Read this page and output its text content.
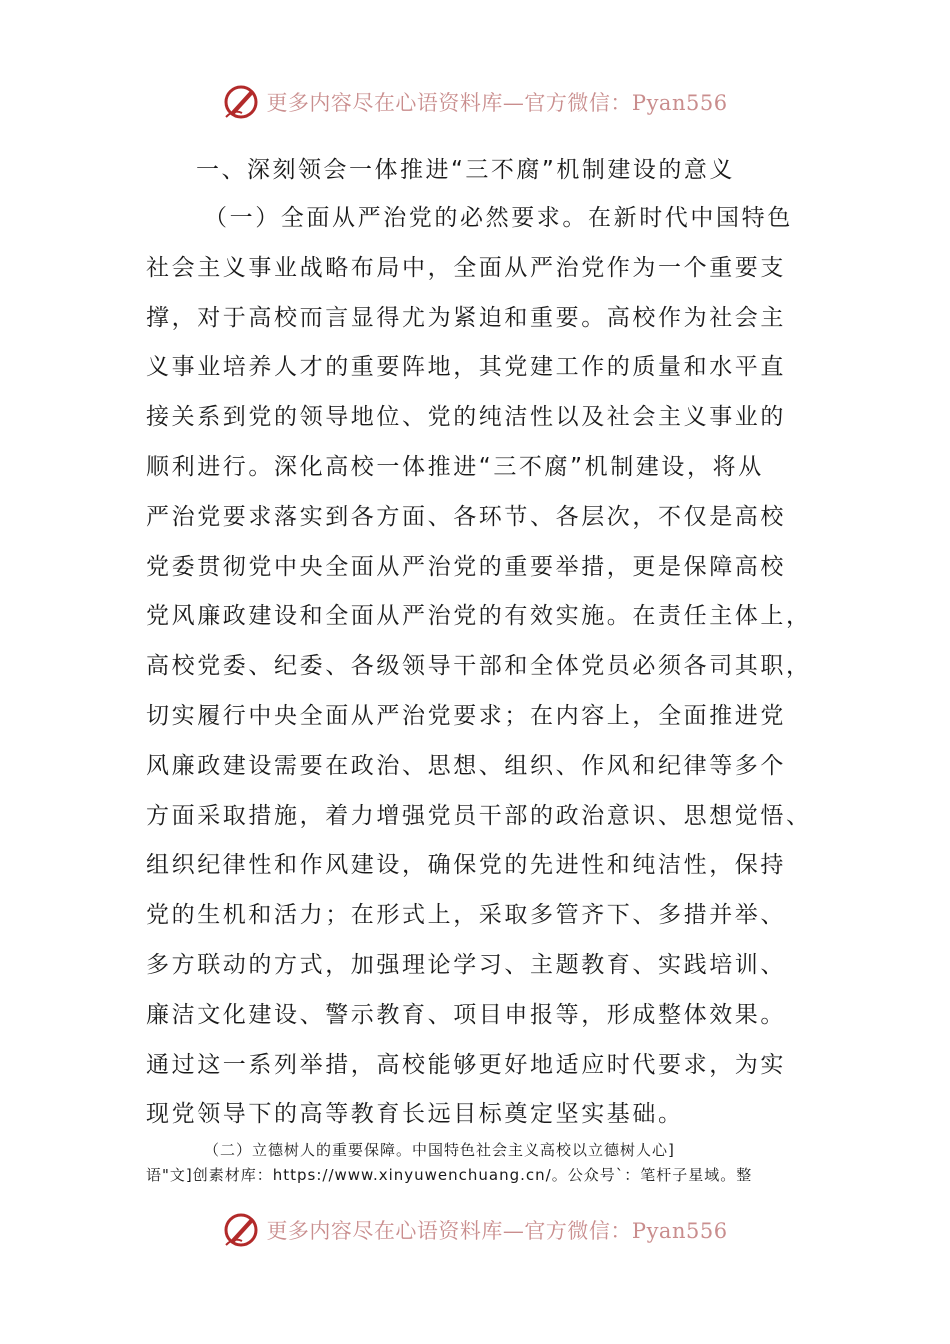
更多内容尽在心语资料库—官方微信：Pyan556
一、深刻领会一体推进“三不腐”机制建设的意义
（一）全面从严治党的必然要求。在新时代中国特色
社会主义事业战略布局中，全面从严治党作为一个重要支
撑，对于高校而言显得尤为紧迫和重要。高校作为社会主
义事业培养人才的重要阵地，其党建工作的质量和水平直
接关系到党的领导地位、党的纯洁性以及社会主义事业的
顺利进行。深化高校一体推进“三不腐”机制建设，将从
严治党要求落实到各方面、各环节、各层次，不仅是高校
党委贯彻党中央全面从严治党的重要举措，更是保障高校
党风廉政建设和全面从严治党的有效实施。在责任主体上，
高校党委、纪委、各级领导干部和全体党员必须各司其职，
切实履行中央全面从严治党要求；在内容上，全面推进党
风廉政建设需要在政治、思想、组织、作风和纪律等多个
方面采取措施，着力增强党员干部的政治意识、思想觉悟、
组织纪律性和作风建设，确保党的先进性和纯洁性，保持
党的生机和活力；在形式上，采取多管齐下、多措并举、
多方联动的方式，加强理论学习、主题教育、实践培训、
廉洁文化建设、警示教育、项目申报等，形成整体效果。
通过这一系列举措，高校能够更好地适应时代要求，为实
现党领导下的高等教育长远目标奠定坚实基础。
（二）立德树人的重要保障。中国特色社会主义高校以立德树人心]
语"文]创素材库：https://www.xinyuwenchuang.cn/。公众号`：笔杆子星域。整
更多内容尽在心语资料库—官方微信：Pyan556
